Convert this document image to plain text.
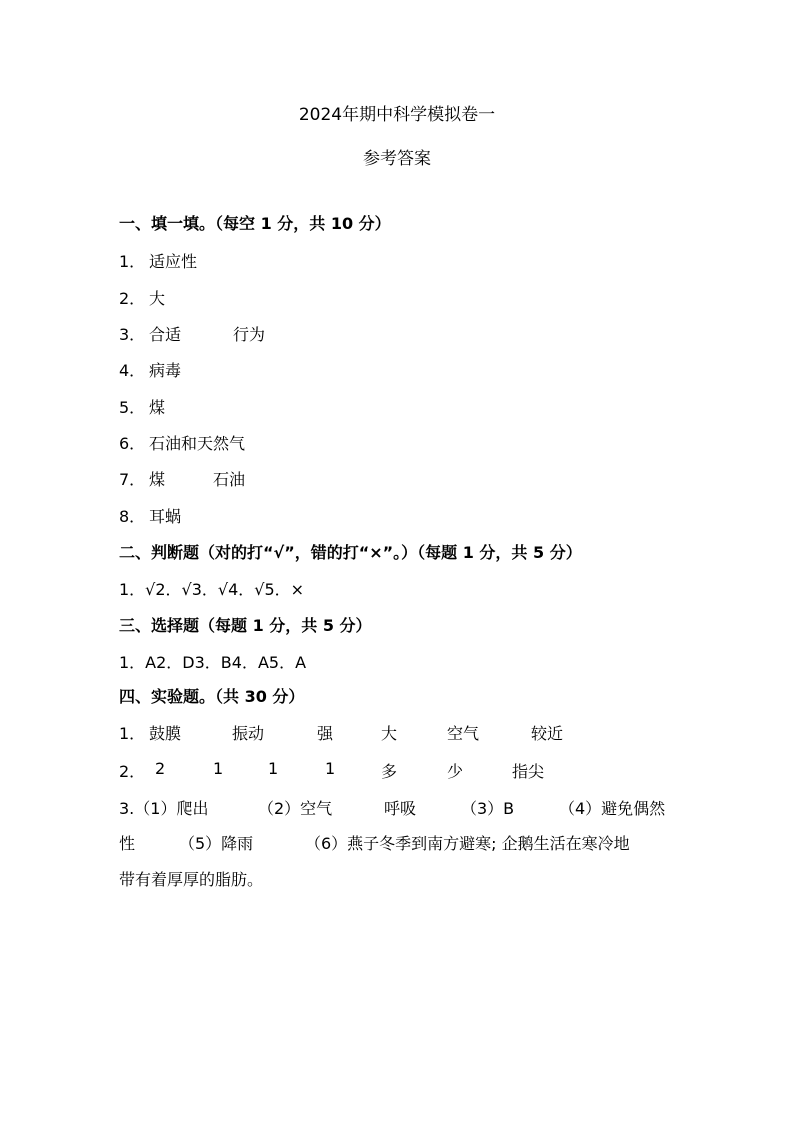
2024年期中科学模拟卷一
参考答案
一、填一填。（每空 1 分，共 10 分）
1． 适应性
2． 大
3． 合适	行为
4． 病毒
5． 煤
6． 石油和天然气
7． 煤	石油
8． 耳蜗
二、判断题（对的打“√”，错的打“×”。）（每题 1 分，共 5 分）
1．√2．√3．√4．√5．×
三、选择题（每题 1 分，共 5 分）
1．A2．D3．B4．A5．A
四、实验题。（共 30 分）
1． 鼓膜	振动	强	大	空气	较近
2． 2	1	1	1	多	少	指尖
3.（1）爬出	（2）空气	呼吸	（3）B	（4）避免偶然
性	（5）降雨	（6）燕子冬季到南方避寒; 企鹅生活在寒冷地
带有着厚厚的脂肪。
